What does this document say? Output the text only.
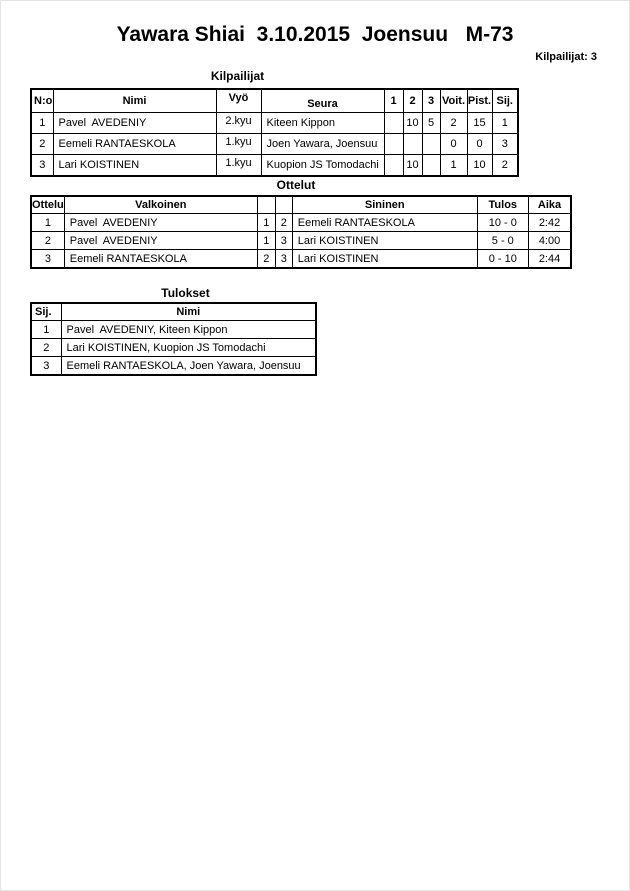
Yawara Shiai  3.10.2015  Joensuu   M-73
Kilpailijat: 3
Kilpailijat
N:o	Nimi	Vyö	Seura	1	2	3	Voit.	Pist.	Sij.
1	Pavel  AVEDENIY	2.kyu	Kiteen Kippon		10	5	2	15	1
2	Eemeli RANTAESKOLA	1.kyu	Joen Yawara, Joensuu				0	0	3
3	Lari KOISTINEN	1.kyu	Kuopion JS Tomodachi		10		1	10	2
Ottelut
Ottelu	Valkoinen			Sininen	Tulos	Aika
1	Pavel  AVEDENIY	1	2	Eemeli RANTAESKOLA	10 - 0	2:42
2	Pavel  AVEDENIY	1	3	Lari KOISTINEN	5 - 0	4:00
3	Eemeli RANTAESKOLA	2	3	Lari KOISTINEN	0 - 10	2:44
Tulokset
Sij.	Nimi
1	Pavel  AVEDENIY, Kiteen Kippon
2	Lari KOISTINEN, Kuopion JS Tomodachi
3	Eemeli RANTAESKOLA, Joen Yawara, Joensuu
